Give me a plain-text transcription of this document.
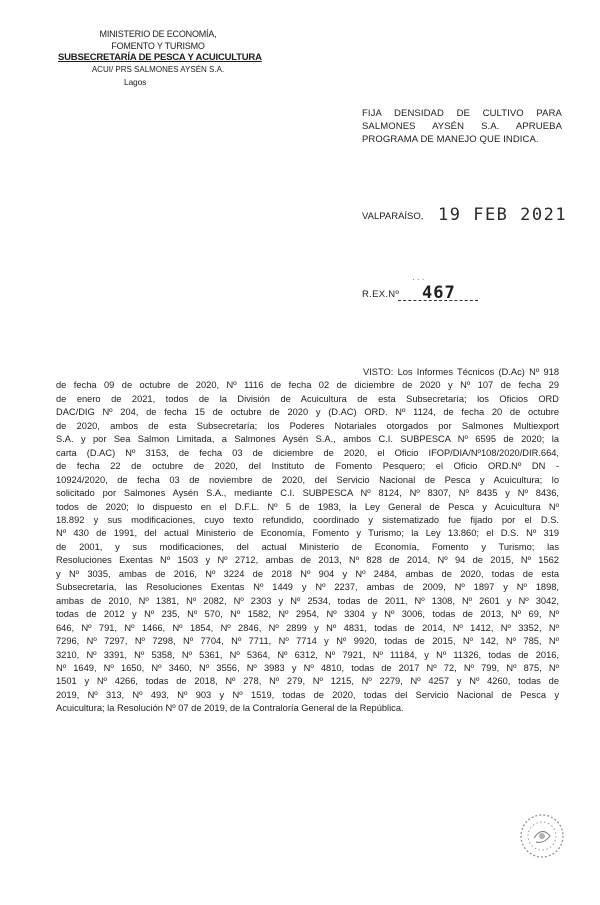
MINISTERIO DE ECONOMÍA,
FOMENTO Y TURISMO
SUBSECRETARÍA DE PESCA Y ACUICULTURA
ACUI/ PRS SALMONES AYSÉN S.A.
Lagos
FIJA DENSIDAD DE CULTIVO PARA
SALMONES AYSÉN S.A. APRUEBA
PROGRAMA DE MANEJO QUE INDICA.
VALPARAÍSO, 19 FEB 2021
· · ·
R.EX.Nº 467
VISTO: Los Informes Técnicos (D.Ac) Nº 918
de fecha 09 de octubre de 2020, Nº 1116 de fecha 02 de diciembre de 2020 y Nº 107 de fecha 29
de enero de 2021, todos de la División de Acuicultura de esta Subsecretaría; los Oficios ORD
DAC/DIG Nº 204, de fecha 15 de octubre de 2020 y (D.AC) ORD. Nº 1124, de fecha 20 de octubre
de 2020, ambos de esta Subsecretaría; los Poderes Notariales otorgados por Salmones Multiexport
S.A. y por Sea Salmon Limitada, a Salmones Aysén S.A., ambos C.I. SUBPESCA Nº 6595 de 2020; la
carta (D.AC) Nº 3153, de fecha 03 de diciembre de 2020, el Oficio IFOP/DIA/Nº108/2020/DIR.664,
de fecha 22 de octubre de 2020, del Instituto de Fomento Pesquero; el Oficio ORD.Nº DN -
10924/2020, de fecha 03 de noviembre de 2020, del Servicio Nacional de Pesca y Acuicultura; lo
solicitado por Salmones Aysén S.A., mediante C.I. SUBPESCA Nº 8124, Nº 8307, Nº 8435 y Nº 8436,
todos de 2020; lo dispuesto en el D.F.L. Nº 5 de 1983, la Ley General de Pesca y Acuicultura Nº
18.892 y sus modificaciones, cuyo texto refundido, coordinado y sistematizado fue fijado por el D.S.
Nº 430 de 1991, del actual Ministerio de Economía, Fomento y Turismo; la Ley 13.860; el D.S. Nº 319
de 2001, y sus modificaciones, del actual Ministerio de Economía, Fomento y Turismo; las
Resoluciones Exentas Nº 1503 y Nº 2712, ambas de 2013, Nº 828 de 2014, Nº 94 de 2015, Nº 1562
y Nº 3035, ambas de 2016, Nº 3224 de 2018 Nº 904 y Nº 2484, ambas de 2020, todas de esta
Subsecretaría, las Resoluciones Exentas Nº 1449 y Nº 2237, ambas de 2009, Nº 1897 y Nº 1898,
ambas de 2010, Nº 1381, Nº 2082, Nº 2303 y Nº 2534, todas de 2011, Nº 1308, Nº 2601 y Nº 3042,
todas de 2012 y Nº 235, Nº 570, Nº 1582, Nº 2954, Nº 3304 y Nº 3006, todas de 2013, Nº 69, Nº
646, Nº 791, Nº 1466, Nº 1854, Nº 2846, Nº 2899 y Nº 4831, todas de 2014, Nº 1412, Nº 3352, Nº
7296, Nº 7297, Nº 7298, Nº 7704, Nº 7711, Nº 7714 y Nº 9920, todas de 2015, Nº 142, Nº 785, Nº
3210, Nº 3391, Nº 5358, Nº 5361, Nº 5364, Nº 6312, Nº 7921, Nº 11184, y Nº 11326, todas de 2016,
Nº 1649, Nº 1650, Nº 3460, Nº 3556, Nº 3983 y Nº 4810, todas de 2017 Nº 72, Nº 799, Nº 875, Nº
1501 y Nº 4266, todas de 2018, Nº 278, Nº 279, Nº 1215, Nº 2279, Nº 4257 y Nº 4260, todas de
2019, Nº 313, Nº 493, Nº 903 y Nº 1519, todas de 2020, todas del Servicio Nacional de Pesca y
Acuicultura; la Resolución Nº 07 de 2019, de la Contraloría General de la República.
